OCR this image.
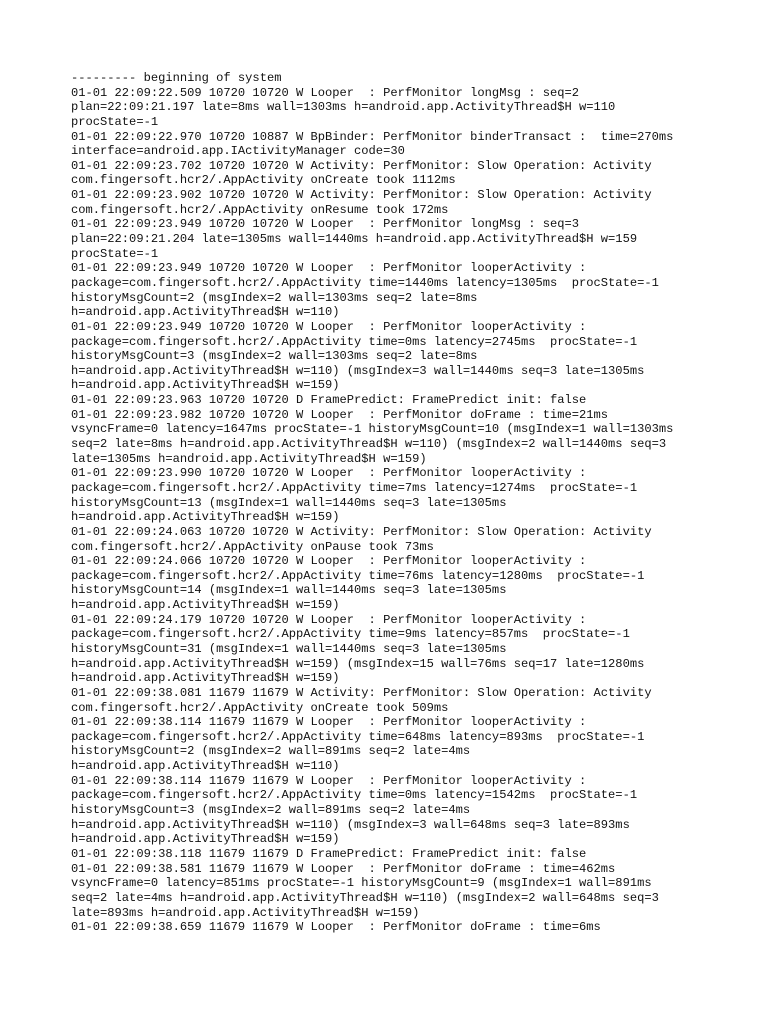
--------- beginning of system
01-01 22:09:22.509 10720 10720 W Looper  : PerfMonitor longMsg : seq=2
plan=22:09:21.197 late=8ms wall=1303ms h=android.app.ActivityThread$H w=110
procState=-1
01-01 22:09:22.970 10720 10887 W BpBinder: PerfMonitor binderTransact :  time=270ms
interface=android.app.IActivityManager code=30
01-01 22:09:23.702 10720 10720 W Activity: PerfMonitor: Slow Operation: Activity
com.fingersoft.hcr2/.AppActivity onCreate took 1112ms
01-01 22:09:23.902 10720 10720 W Activity: PerfMonitor: Slow Operation: Activity
com.fingersoft.hcr2/.AppActivity onResume took 172ms
01-01 22:09:23.949 10720 10720 W Looper  : PerfMonitor longMsg : seq=3
plan=22:09:21.204 late=1305ms wall=1440ms h=android.app.ActivityThread$H w=159
procState=-1
01-01 22:09:23.949 10720 10720 W Looper  : PerfMonitor looperActivity :
package=com.fingersoft.hcr2/.AppActivity time=1440ms latency=1305ms  procState=-1
historyMsgCount=2 (msgIndex=2 wall=1303ms seq=2 late=8ms
h=android.app.ActivityThread$H w=110)
01-01 22:09:23.949 10720 10720 W Looper  : PerfMonitor looperActivity :
package=com.fingersoft.hcr2/.AppActivity time=0ms latency=2745ms  procState=-1
historyMsgCount=3 (msgIndex=2 wall=1303ms seq=2 late=8ms
h=android.app.ActivityThread$H w=110) (msgIndex=3 wall=1440ms seq=3 late=1305ms
h=android.app.ActivityThread$H w=159)
01-01 22:09:23.963 10720 10720 D FramePredict: FramePredict init: false
01-01 22:09:23.982 10720 10720 W Looper  : PerfMonitor doFrame : time=21ms
vsyncFrame=0 latency=1647ms procState=-1 historyMsgCount=10 (msgIndex=1 wall=1303ms
seq=2 late=8ms h=android.app.ActivityThread$H w=110) (msgIndex=2 wall=1440ms seq=3
late=1305ms h=android.app.ActivityThread$H w=159)
01-01 22:09:23.990 10720 10720 W Looper  : PerfMonitor looperActivity :
package=com.fingersoft.hcr2/.AppActivity time=7ms latency=1274ms  procState=-1
historyMsgCount=13 (msgIndex=1 wall=1440ms seq=3 late=1305ms
h=android.app.ActivityThread$H w=159)
01-01 22:09:24.063 10720 10720 W Activity: PerfMonitor: Slow Operation: Activity
com.fingersoft.hcr2/.AppActivity onPause took 73ms
01-01 22:09:24.066 10720 10720 W Looper  : PerfMonitor looperActivity :
package=com.fingersoft.hcr2/.AppActivity time=76ms latency=1280ms  procState=-1
historyMsgCount=14 (msgIndex=1 wall=1440ms seq=3 late=1305ms
h=android.app.ActivityThread$H w=159)
01-01 22:09:24.179 10720 10720 W Looper  : PerfMonitor looperActivity :
package=com.fingersoft.hcr2/.AppActivity time=9ms latency=857ms  procState=-1
historyMsgCount=31 (msgIndex=1 wall=1440ms seq=3 late=1305ms
h=android.app.ActivityThread$H w=159) (msgIndex=15 wall=76ms seq=17 late=1280ms
h=android.app.ActivityThread$H w=159)
01-01 22:09:38.081 11679 11679 W Activity: PerfMonitor: Slow Operation: Activity
com.fingersoft.hcr2/.AppActivity onCreate took 509ms
01-01 22:09:38.114 11679 11679 W Looper  : PerfMonitor looperActivity :
package=com.fingersoft.hcr2/.AppActivity time=648ms latency=893ms  procState=-1
historyMsgCount=2 (msgIndex=2 wall=891ms seq=2 late=4ms
h=android.app.ActivityThread$H w=110)
01-01 22:09:38.114 11679 11679 W Looper  : PerfMonitor looperActivity :
package=com.fingersoft.hcr2/.AppActivity time=0ms latency=1542ms  procState=-1
historyMsgCount=3 (msgIndex=2 wall=891ms seq=2 late=4ms
h=android.app.ActivityThread$H w=110) (msgIndex=3 wall=648ms seq=3 late=893ms
h=android.app.ActivityThread$H w=159)
01-01 22:09:38.118 11679 11679 D FramePredict: FramePredict init: false
01-01 22:09:38.581 11679 11679 W Looper  : PerfMonitor doFrame : time=462ms
vsyncFrame=0 latency=851ms procState=-1 historyMsgCount=9 (msgIndex=1 wall=891ms
seq=2 late=4ms h=android.app.ActivityThread$H w=110) (msgIndex=2 wall=648ms seq=3
late=893ms h=android.app.ActivityThread$H w=159)
01-01 22:09:38.659 11679 11679 W Looper  : PerfMonitor doFrame : time=6ms
